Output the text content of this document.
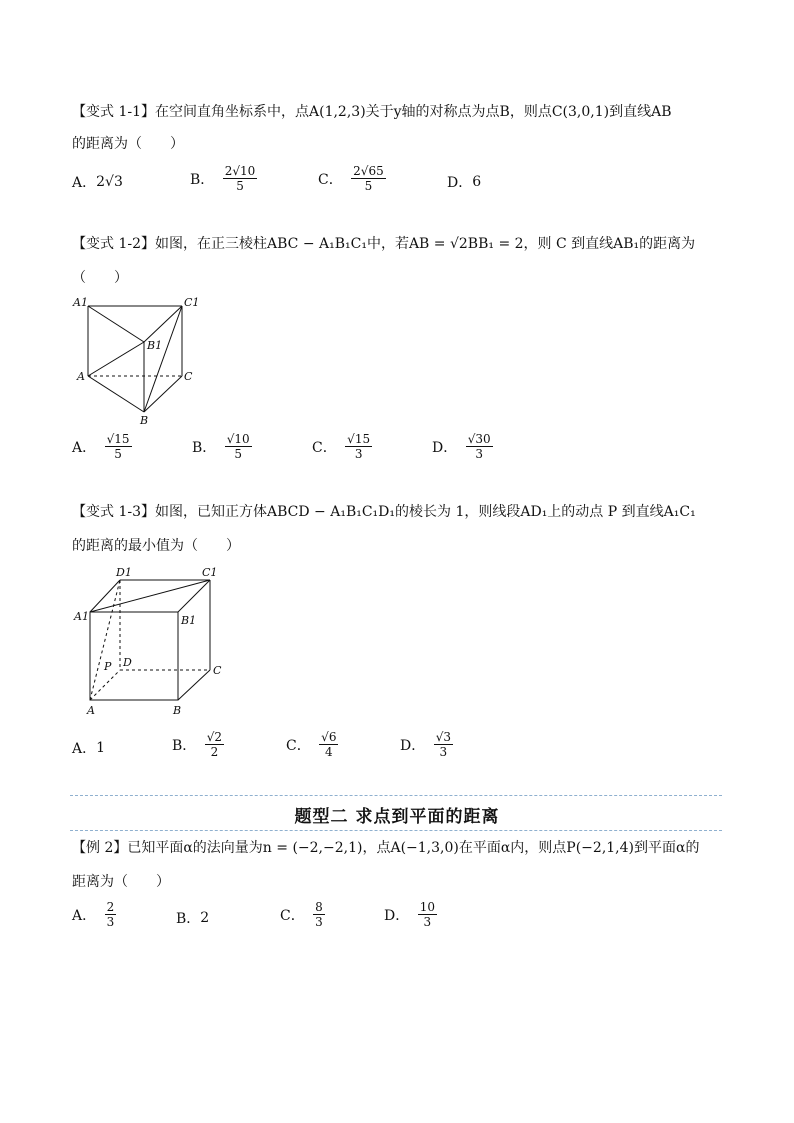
【变式 1-1】在空间直角坐标系中，点A(1,2,3)关于y轴的对称点为点B，则点C(3,0,1)到直线AB
的距离为（　　）
A．2√3	B． $\frac{2√10}{5}$	C． $\frac{2√65}{5}$	D．6
【变式 1-2】如图，在正三棱柱ABC − A₁B₁C₁中，若AB = √2BB₁ = 2，则 C 到直线AB₁的距离为
（　　）
A1	C1
B1
A	C
B
A． $\frac{√15}{5}$	B． $\frac{√10}{5}$	C． $\frac{√15}{3}$	D． $\frac{√30}{3}$
【变式 1-3】如图，已知正方体ABCD − A₁B₁C₁D₁的棱长为 1，则线段AD₁上的动点 P 到直线A₁C₁
的距离的最小值为（　　）
D1	C1
A1	B1
P D
C
A	B
A．1	B． $\frac{√2}{2}$	C． $\frac{√6}{4}$	D． $\frac{√3}{3}$
题型二 求点到平面的距离
【例 2】已知平面α的法向量为n = (−2,−2,1)，点A(−1,3,0)在平面α内，则点P(−2,1,4)到平面α的
距离为（　　）
A． $\frac{2}{3}$	B．2	C． $\frac{8}{3}$	D． $\frac{10}{3}$
